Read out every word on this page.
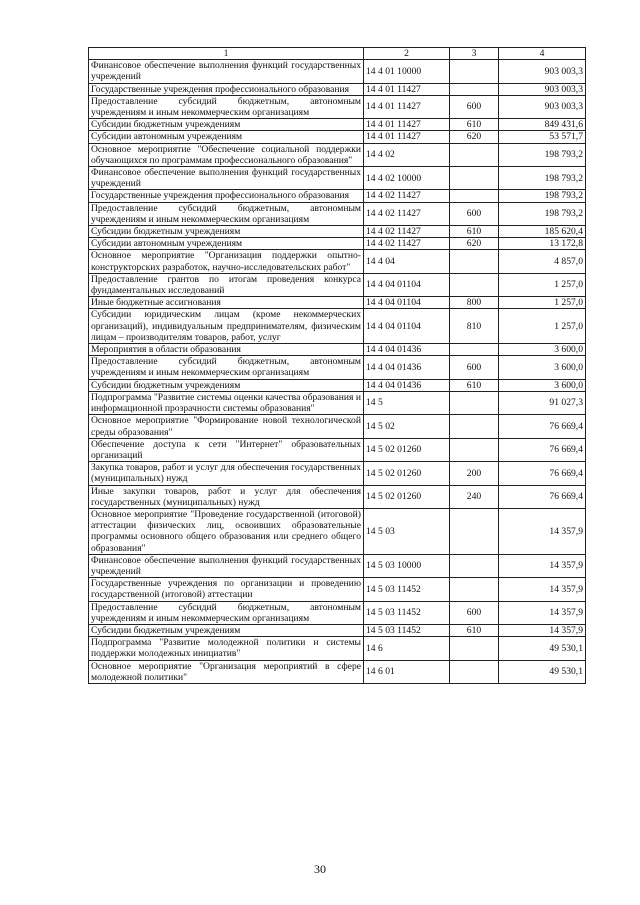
1	2	3	4
Финансовое обеспечение выполнения функций государственных учреждений	14 4 01 10000		903 003,3
Государственные учреждения профессионального образования	14 4 01 11427		903 003,3
Предоставление субсидий бюджетным, автономным учреждениям и иным некоммерческим организациям	14 4 01 11427	600	903 003,3
Субсидии бюджетным учреждениям	14 4 01 11427	610	849 431,6
Субсидии автономным учреждениям	14 4 01 11427	620	53 571,7
Основное мероприятие "Обеспечение социальной поддержки обучающихся по программам профессионального образования"	14 4 02		198 793,2
Финансовое обеспечение выполнения функций государственных учреждений	14 4 02 10000		198 793,2
Государственные учреждения профессионального образования	14 4 02 11427		198 793,2
Предоставление субсидий бюджетным, автономным учреждениям и иным некоммерческим организациям	14 4 02 11427	600	198 793,2
Субсидии бюджетным учреждениям	14 4 02 11427	610	185 620,4
Субсидии автономным учреждениям	14 4 02 11427	620	13 172,8
Основное мероприятие "Организация поддержки опытно-конструкторских разработок, научно-исследовательских работ"	14 4 04		4 857,0
Предоставление грантов по итогам проведения конкурса фундаментальных исследований	14 4 04 01104		1 257,0
Иные бюджетные ассигнования	14 4 04 01104	800	1 257,0
Субсидии юридическим лицам (кроме некоммерческих организаций), индивидуальным предпринимателям, физическим лицам – производителям товаров, работ, услуг	14 4 04 01104	810	1 257,0
Мероприятия в области образования	14 4 04 01436		3 600,0
Предоставление субсидий бюджетным, автономным учреждениям и иным некоммерческим организациям	14 4 04 01436	600	3 600,0
Субсидии бюджетным учреждениям	14 4 04 01436	610	3 600,0
Подпрограмма "Развитие системы оценки качества образования и информационной прозрачности системы образования"	14 5		91 027,3
Основное мероприятие "Формирование новой технологической среды образования"	14 5 02		76 669,4
Обеспечение доступа к сети "Интернет" образовательных организаций	14 5 02 01260		76 669,4
Закупка товаров, работ и услуг для обеспечения государственных (муниципальных) нужд	14 5 02 01260	200	76 669,4
Иные закупки товаров, работ и услуг для обеспечения государственных (муниципальных) нужд	14 5 02 01260	240	76 669,4
Основное мероприятие "Проведение государственной (итоговой) аттестации физических лиц, освоивших образовательные программы основного общего образования или среднего общего образования"	14 5 03		14 357,9
Финансовое обеспечение выполнения функций государственных учреждений	14 5 03 10000		14 357,9
Государственные учреждения по организации и проведению государственной (итоговой) аттестации	14 5 03 11452		14 357,9
Предоставление субсидий бюджетным, автономным учреждениям и иным некоммерческим организациям	14 5 03 11452	600	14 357,9
Субсидии бюджетным учреждениям	14 5 03 11452	610	14 357,9
Подпрограмма "Развитие молодежной политики и системы поддержки молодежных инициатив"	14 6		49 530,1
Основное мероприятие "Организация мероприятий в сфере молодежной политики"	14 6 01		49 530,1
30
